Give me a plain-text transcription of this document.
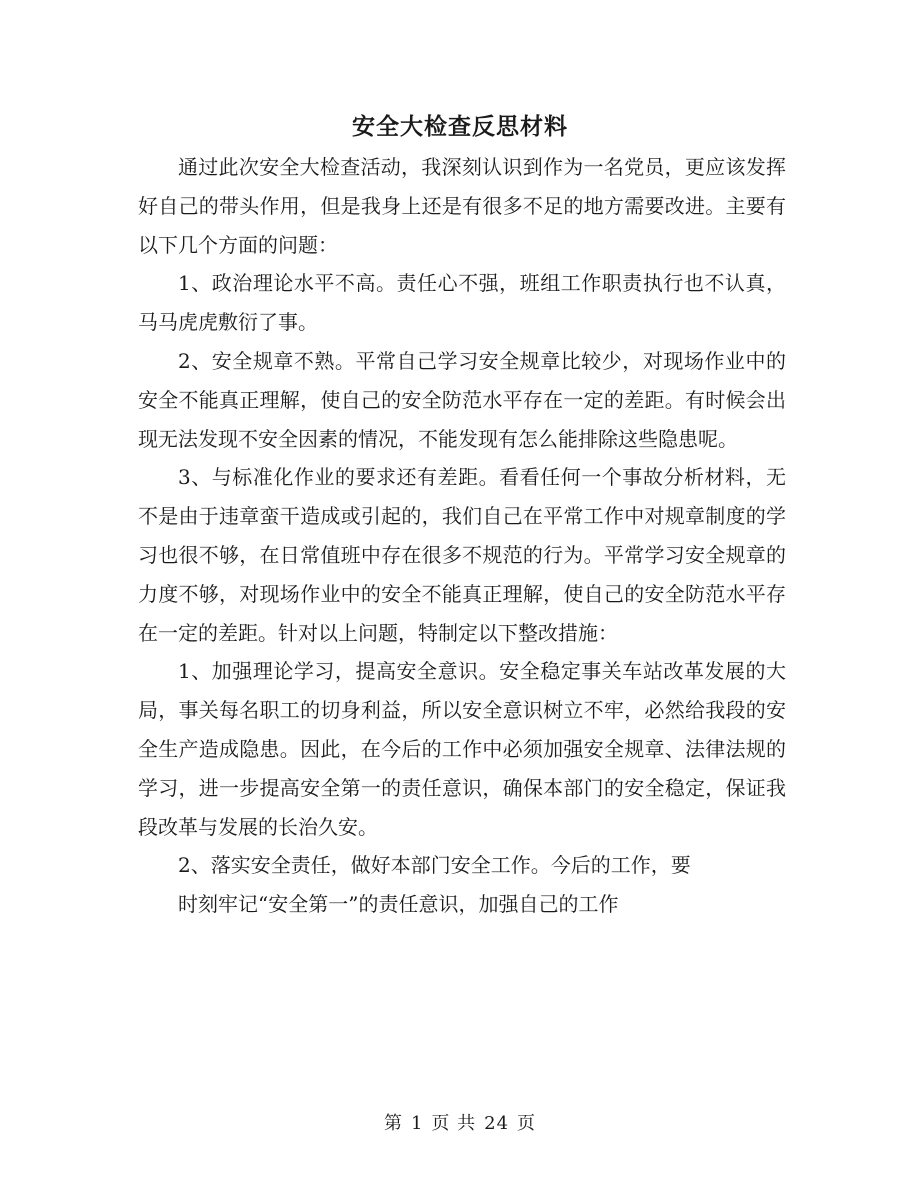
安全大检查反思材料

通过此次安全大检查活动，我深刻认识到作为一名党员，更应该发挥好自己的带头作用，但是我身上还是有很多不足的地方需要改进。主要有以下几个方面的问题：

1、政治理论水平不高。责任心不强，班组工作职责执行也不认真，马马虎虎敷衍了事。

2、安全规章不熟。平常自己学习安全规章比较少，对现场作业中的安全不能真正理解，使自己的安全防范水平存在一定的差距。有时候会出现无法发现不安全因素的情况，不能发现有怎么能排除这些隐患呢。

3、与标准化作业的要求还有差距。看看任何一个事故分析材料，无不是由于违章蛮干造成或引起的，我们自己在平常工作中对规章制度的学习也很不够，在日常值班中存在很多不规范的行为。平常学习安全规章的力度不够，对现场作业中的安全不能真正理解，使自己的安全防范水平存在一定的差距。针对以上问题，特制定以下整改措施：

1、加强理论学习，提高安全意识。安全稳定事关车站改革发展的大局，事关每名职工的切身利益，所以安全意识树立不牢，必然给我段的安全生产造成隐患。因此，在今后的工作中必须加强安全规章、法律法规的学习，进一步提高安全第一的责任意识，确保本部门的安全稳定，保证我段改革与发展的长治久安。

2、落实安全责任，做好本部门安全工作。今后的工作，要

时刻牢记“安全第一”的责任意识，加强自己的工作

第 1 页 共 24 页
